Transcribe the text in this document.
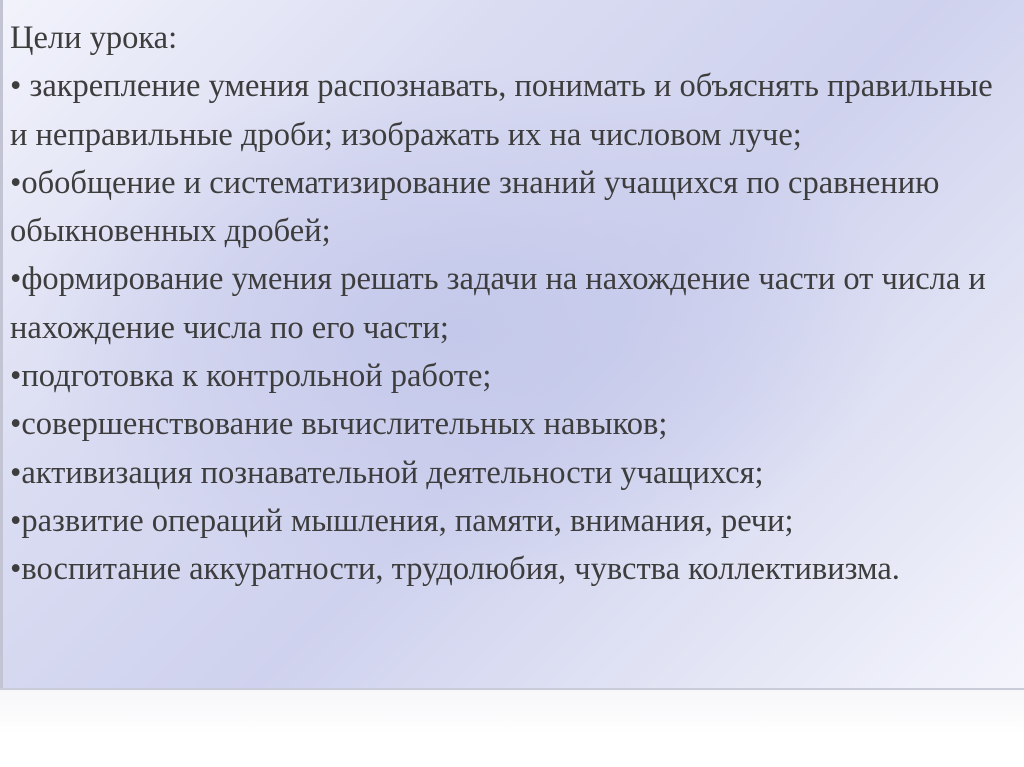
Цели урока:
• закрепление умения распознавать, понимать и объяснять правильные и неправильные дроби; изображать их на числовом луче;
•обобщение и систематизирование знаний учащихся по сравнению обыкновенных дробей;
•формирование умения решать задачи на нахождение части от числа и нахождение числа по его части;
•подготовка к контрольной работе;
•совершенствование вычислительных навыков;
•активизация познавательной деятельности учащихся;
•развитие операций мышления, памяти, внимания, речи;
•воспитание аккуратности, трудолюбия, чувства коллективизма.
